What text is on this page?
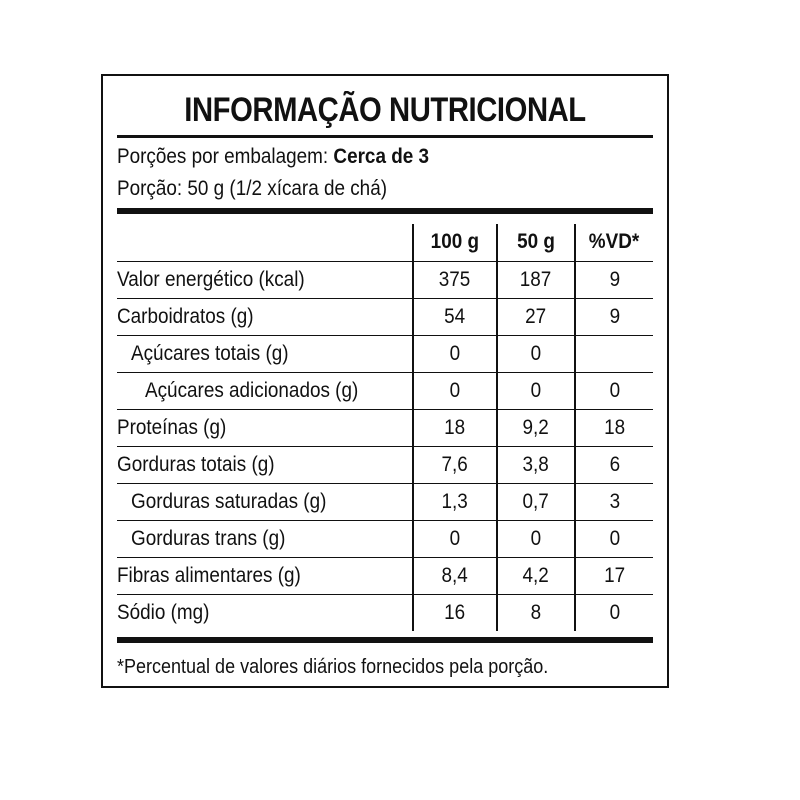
INFORMAÇÃO NUTRICIONAL
Porções por embalagem: Cerca de 3
Porção: 50 g (1/2 xícara de chá)
	100 g	50 g	%VD*
Valor energético (kcal)	375	187	9
Carboidratos (g)	54	27	9
Açúcares totais (g)	0	0	
Açúcares adicionados (g)	0	0	0
Proteínas (g)	18	9,2	18
Gorduras totais (g)	7,6	3,8	6
Gorduras saturadas (g)	1,3	0,7	3
Gorduras trans (g)	0	0	0
Fibras alimentares (g)	8,4	4,2	17
Sódio (mg)	16	8	0
*Percentual de valores diários fornecidos pela porção.
